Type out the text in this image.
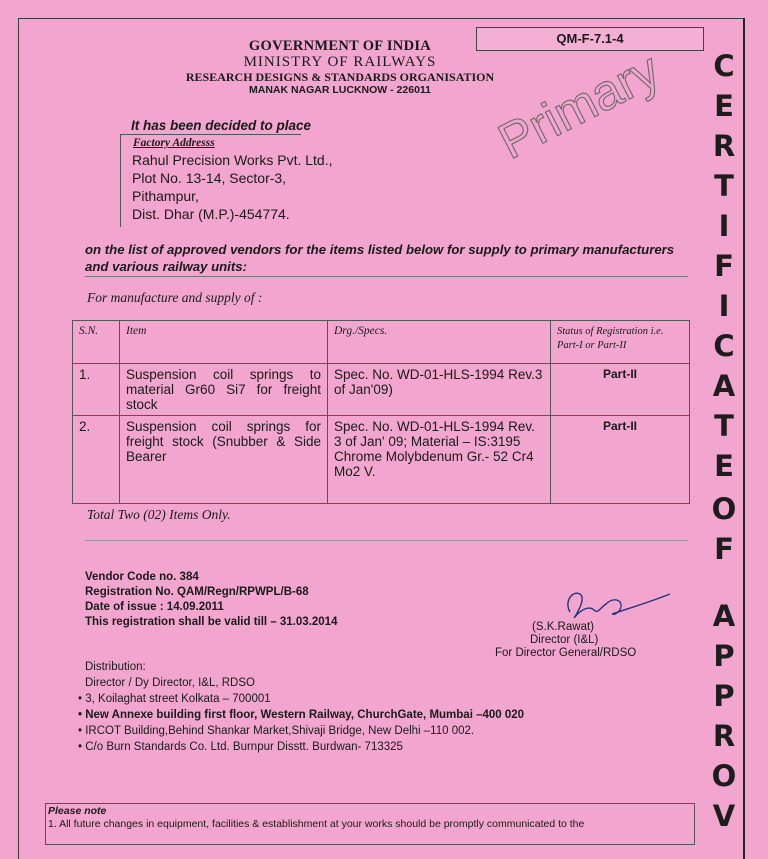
QM-F-7.1-4
GOVERNMENT OF INDIA
MINISTRY OF RAILWAYS
RESEARCH DESIGNS & STANDARDS ORGANISATION
MANAK NAGAR LUCKNOW - 226011	Primary
It has been decided to place
Factory Addresss
Rahul Precision Works Pvt. Ltd.,
Plot No. 13-14, Sector-3,
Pithampur,
Dist. Dhar (M.P.)-454774.
on the list of approved vendors for the items listed below for supply to primary manufacturers and various railway units:
For manufacture and supply of :
S.N.	Item	Drg./Specs.	Status of Registration i.e. Part-I or Part-II
1.	Suspension coil springs to material Gr60 Si7 for freight stock	Spec. No. WD-01-HLS-1994 Rev.3 of Jan'09)	Part-II
2.	Suspension coil springs for freight stock (Snubber & Side Bearer	Spec. No. WD-01-HLS-1994 Rev. 3 of Jan' 09; Material – IS:3195 Chrome Molybdenum Gr.- 52 Cr4 Mo2 V.	Part-II
Total Two (02) Items Only.
Vendor Code no. 384
Registration No. QAM/Regn/RPWPL/B-68
Date of issue : 14.09.2011
This registration shall be valid till – 31.03.2014	(S.K.Rawat)
Director (I&L)
For Director General/RDSO
Distribution:
Director / Dy Director, I&L, RDSO
• 3, Koilaghat street Kolkata – 700001
• New Annexe building first floor, Western Railway, ChurchGate, Mumbai –400 020
• IRCOT Building,Behind Shankar Market,Shivaji Bridge, New Delhi –110 002.
• C/o Burn Standards Co. Ltd. Burnpur Disstt. Burdwan- 713325
Please note
1. All future changes in equipment, facilities & establishment at your works should be promptly communicated to the
C
E
R
T
I
F
I
C
A
T
E
O
F
A
P
P
R
O
V
